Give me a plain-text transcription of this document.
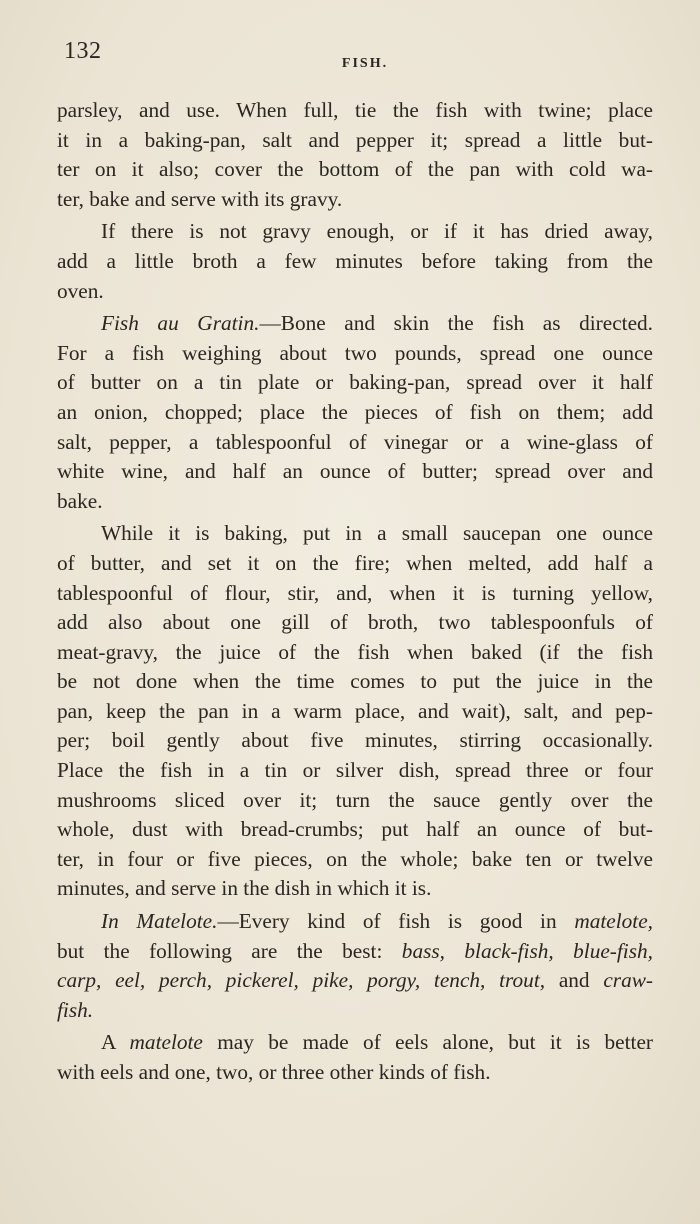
132	FISH.
parsley, and use. When full, tie the fish with twine; place
it in a baking-pan, salt and pepper it; spread a little but-
ter on it also; cover the bottom of the pan with cold wa-
ter, bake and serve with its gravy.
If there is not gravy enough, or if it has dried away,
add a little broth a few minutes before taking from the
oven.
Fish au Gratin.—Bone and skin the fish as directed.
For a fish weighing about two pounds, spread one ounce
of butter on a tin plate or baking-pan, spread over it half
an onion, chopped; place the pieces of fish on them; add
salt, pepper, a tablespoonful of vinegar or a wine-glass of
white wine, and half an ounce of butter; spread over and
bake.
While it is baking, put in a small saucepan one ounce
of butter, and set it on the fire; when melted, add half a
tablespoonful of flour, stir, and, when it is turning yellow,
add also about one gill of broth, two tablespoonfuls of
meat-gravy, the juice of the fish when baked (if the fish
be not done when the time comes to put the juice in the
pan, keep the pan in a warm place, and wait), salt, and pep-
per; boil gently about five minutes, stirring occasionally.
Place the fish in a tin or silver dish, spread three or four
mushrooms sliced over it; turn the sauce gently over the
whole, dust with bread-crumbs; put half an ounce of but-
ter, in four or five pieces, on the whole; bake ten or twelve
minutes, and serve in the dish in which it is.
In Matelote.—Every kind of fish is good in matelote,
but the following are the best: bass, black-fish, blue-fish,
carp, eel, perch, pickerel, pike, porgy, tench, trout, and craw-
fish.
A matelote may be made of eels alone, but it is better
with eels and one, two, or three other kinds of fish.
